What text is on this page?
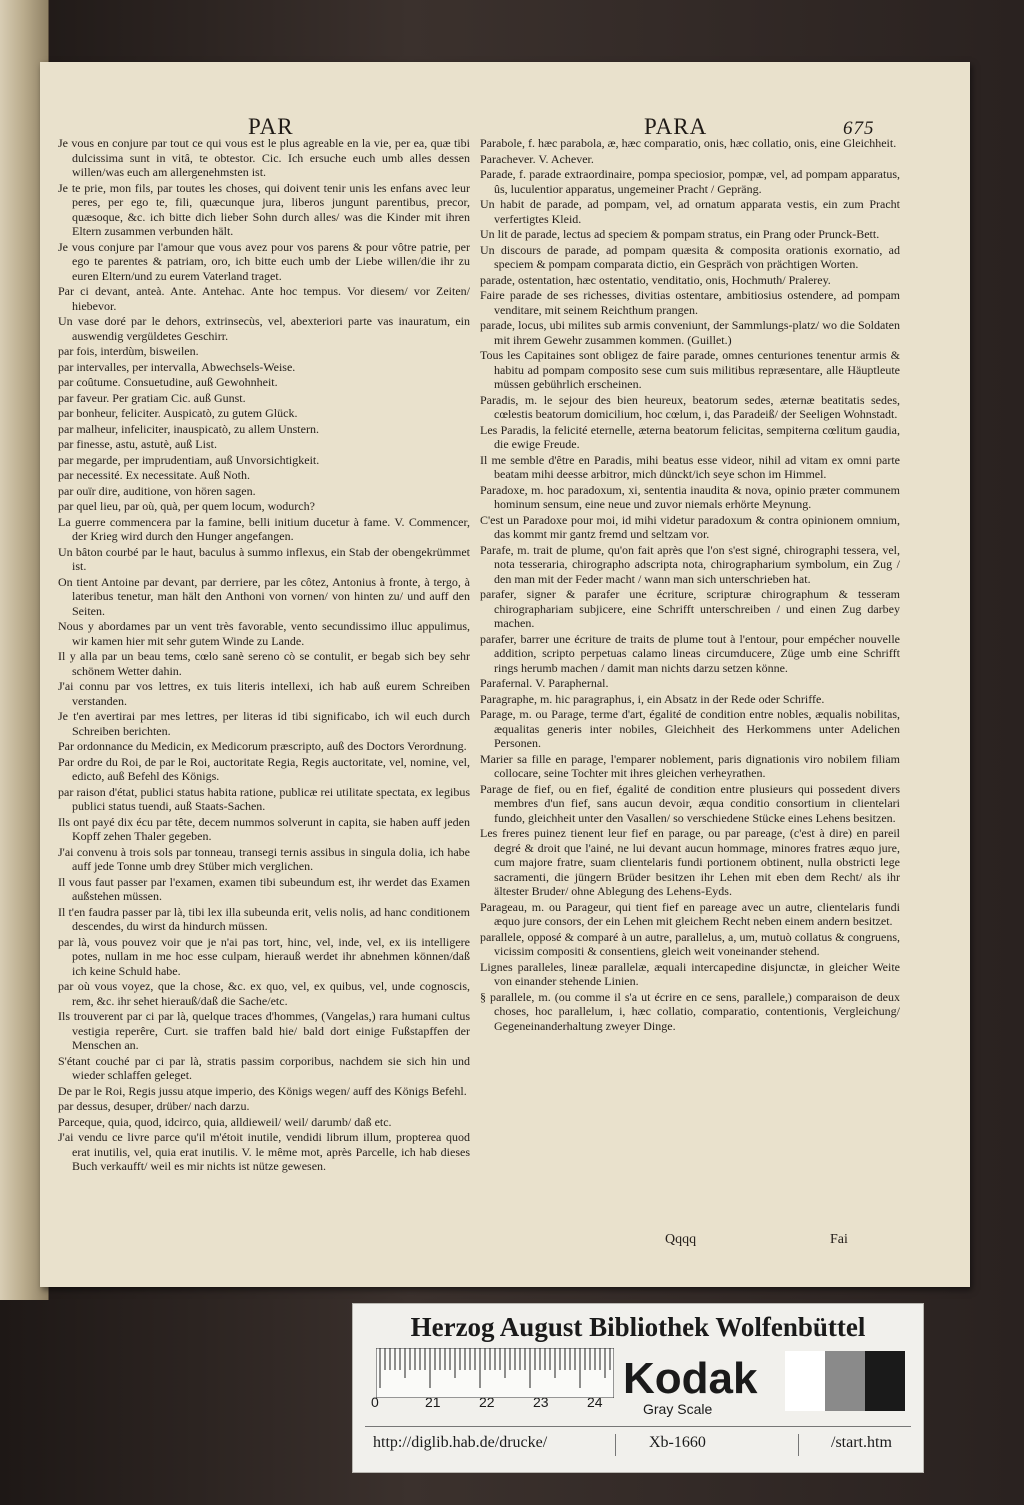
PAR	PARA	675

Je vous en conjure par tout ce qui vous est le plus agreable en la vie, per ea, quæ tibi dulcissima sunt in vitâ, te obtestor. Cic. Ich ersuche euch umb alles dessen willen/was euch am allergenehmsten ist.

Je te prie, mon fils, par toutes les choses, qui doivent tenir unis les enfans avec leur peres, per ego te, fili, quæcunque jura, liberos jungunt parentibus, precor, quæsoque, &c. ich bitte dich lieber Sohn durch alles/ was die Kinder mit ihren Eltern zusammen verbunden hält.

Je vous conjure par l'amour que vous avez pour vos parens & pour vôtre patrie, per ego te parentes & patriam, oro, ich bitte euch umb der Liebe willen/die ihr zu euren Eltern/und zu eurem Vaterland traget.

Par ci devant, anteà. Ante. Antehac. Ante hoc tempus. Vor diesem/ vor Zeiten/ hiebevor.

Un vase doré par le dehors, extrinsecùs, vel, abexteriori parte vas inauratum, ein auswendig vergüldetes Geschirr.

par fois, interdùm, bisweilen.

par intervalles, per intervalla, Abwechsels-Weise.

par coûtume. Consuetudine, auß Gewohnheit.

par faveur. Per gratiam Cic. auß Gunst.

par bonheur, feliciter. Auspicatò, zu gutem Glück.

par malheur, infeliciter, inauspicatò, zu allem Unstern.

par finesse, astu, astutè, auß List.

par megarde, per imprudentiam, auß Unvorsichtigkeit.

par necessité. Ex necessitate. Auß Noth.

par ouïr dire, auditione, von hören sagen.

par quel lieu, par où, quà, per quem locum, wodurch?

La guerre commencera par la famine, belli initium ducetur à fame. V. Commencer, der Krieg wird durch den Hunger angefangen.

Un bâton courbé par le haut, baculus à summo inflexus, ein Stab der obengekrümmet ist.

On tient Antoine par devant, par derriere, par les côtez, Antonius à fronte, à tergo, à lateribus tenetur, man hält den Anthoni von vornen/ von hinten zu/ und auff den Seiten.

Nous y abordames par un vent très favorable, vento secundissimo illuc appulimus, wir kamen hier mit sehr gutem Winde zu Lande.

Il y alla par un beau tems, cœlo sanè sereno cò se contulit, er begab sich bey sehr schönem Wetter dahin.

J'ai connu par vos lettres, ex tuis literis intellexi, ich hab auß eurem Schreiben verstanden.

Je t'en avertirai par mes lettres, per literas id tibi significabo, ich wil euch durch Schreiben berichten.

Par ordonnance du Medicin, ex Medicorum præscripto, auß des Doctors Verordnung.

Par ordre du Roi, de par le Roi, auctoritate Regia, Regis auctoritate, vel, nomine, vel, edicto, auß Befehl des Königs.

par raison d'état, publici status habita ratione, publicæ rei utilitate spectata, ex legibus publici status tuendi, auß Staats-Sachen.

Ils ont payé dix écu par tête, decem nummos solverunt in capita, sie haben auff jeden Kopff zehen Thaler gegeben.

J'ai convenu à trois sols par tonneau, transegi ternis assibus in singula dolia, ich habe auff jede Tonne umb drey Stüber mich verglichen.

Il vous faut passer par l'examen, examen tibi subeundum est, ihr werdet das Examen außstehen müssen.

Il t'en faudra passer par là, tibi lex illa subeunda erit, velis nolis, ad hanc conditionem descendes, du wirst da hindurch müssen.

par là, vous pouvez voir que je n'ai pas tort, hinc, vel, inde, vel, ex iis intelligere potes, nullam in me hoc esse culpam, hierauß werdet ihr abnehmen können/daß ich keine Schuld habe.

par où vous voyez, que la chose, &c. ex quo, vel, ex quibus, vel, unde cognoscis, rem, &c. ihr sehet hierauß/daß die Sache/etc.

Ils trouverent par ci par là, quelque traces d'hommes, (Vangelas,) rara humani cultus vestigia reperêre, Curt. sie traffen bald hie/ bald dort einige Fußstapffen der Menschen an.

S'étant couché par ci par là, stratis passim corporibus, nachdem sie sich hin und wieder schlaffen geleget.

De par le Roi, Regis jussu atque imperio, des Königs wegen/ auff des Königs Befehl.

par dessus, desuper, drüber/ nach darzu.

Parceque, quia, quod, idcirco, quia, alldieweil/ weil/ darumb/ daß etc.

J'ai vendu ce livre parce qu'il m'étoit inutile, vendidi librum illum, propterea quod erat inutilis, vel, quia erat inutilis. V. le même mot, après Parcelle, ich hab dieses Buch verkaufft/ weil es mir nichts ist nütze gewesen.

Parabole, f. hæc parabola, æ, hæc comparatio, onis, hæc collatio, onis, eine Gleichheit.

Parachever. V. Achever.

Parade, f. parade extraordinaire, pompa speciosior, pompæ, vel, ad pompam apparatus, ûs, luculentior apparatus, ungemeiner Pracht / Gepräng.

Un habit de parade, ad pompam, vel, ad ornatum apparata vestis, ein zum Pracht verfertigtes Kleid.

Un lit de parade, lectus ad speciem & pompam stratus, ein Prang oder Prunck-Bett.

Un discours de parade, ad pompam quæsita & composita orationis exornatio, ad speciem & pompam comparata dictio, ein Gespräch von prächtigen Worten.

parade, ostentation, hæc ostentatio, venditatio, onis, Hochmuth/ Pralerey.

Faire parade de ses richesses, divitias ostentare, ambitiosius ostendere, ad pompam venditare, mit seinem Reichthum prangen.

parade, locus, ubi milites sub armis conveniunt, der Sammlungs-platz/ wo die Soldaten mit ihrem Gewehr zusammen kommen. (Guillet.)

Tous les Capitaines sont obligez de faire parade, omnes centuriones tenentur armis & habitu ad pompam composito sese cum suis militibus repræsentare, alle Häuptleute müssen gebührlich erscheinen.

Paradis, m. le sejour des bien heureux, beatorum sedes, æternæ beatitatis sedes, cœlestis beatorum domicilium, hoc cœlum, i, das Paradeiß/ der Seeligen Wohnstadt.

Les Paradis, la felicité eternelle, æterna beatorum felicitas, sempiterna cœlitum gaudia, die ewige Freude.

Il me semble d'être en Paradis, mihi beatus esse videor, nihil ad vitam ex omni parte beatam mihi deesse arbitror, mich dünckt/ich seye schon im Himmel.

Paradoxe, m. hoc paradoxum, xi, sententia inaudita & nova, opinio præter communem hominum sensum, eine neue und zuvor niemals erhörte Meynung.

C'est un Paradoxe pour moi, id mihi videtur paradoxum & contra opinionem omnium, das kommt mir gantz fremd und seltzam vor.

Parafe, m. trait de plume, qu'on fait après que l'on s'est signé, chirographi tessera, vel, nota tesseraria, chirographo adscripta nota, chirographarium symbolum, ein Zug / den man mit der Feder macht / wann man sich unterschrieben hat.

parafer, signer & parafer une écriture, scripturæ chirographum & tesseram chirographariam subjicere, eine Schrifft unterschreiben / und einen Zug darbey machen.

parafer, barrer une écriture de traits de plume tout à l'entour, pour empécher nouvelle addition, scripto perpetuas calamo lineas circumducere, Züge umb eine Schrifft rings herumb machen / damit man nichts darzu setzen könne.

Parafernal. V. Paraphernal.

Paragraphe, m. hic paragraphus, i, ein Absatz in der Rede oder Schriffe.

Parage, m. ou Parage, terme d'art, égalité de condition entre nobles, æqualis nobilitas, æqualitas generis inter nobiles, Gleichheit des Herkommens unter Adelichen Personen.

Marier sa fille en parage, l'emparer noblement, paris dignationis viro nobilem filiam collocare, seine Tochter mit ihres gleichen verheyrathen.

Parage de fief, ou en fief, égalité de condition entre plusieurs qui possedent divers membres d'un fief, sans aucun devoir, æqua conditio consortium in clientelari fundo, gleichheit unter den Vasallen/ so verschiedene Stücke eines Lehens besitzen.

Les freres puinez tienent leur fief en parage, ou par pareage, (c'est à dire) en pareil degré & droit que l'ainé, ne lui devant aucun hommage, minores fratres æquo jure, cum majore fratre, suam clientelaris fundi portionem obtinent, nulla obstricti lege sacramenti, die jüngern Brüder besitzen ihr Lehen mit eben dem Recht/ als ihr ältester Bruder/ ohne Ablegung des Lehens-Eyds.

Parageau, m. ou Parageur, qui tient fief en pareage avec un autre, clientelaris fundi æquo jure consors, der ein Lehen mit gleichem Recht neben einem andern besitzet.

parallele, opposé & comparé à un autre, parallelus, a, um, mutuò collatus & congruens, vicissim compositi & consentiens, gleich weit voneinander stehend.

Lignes paralleles, lineæ parallelæ, æquali intercapedine disjunctæ, in gleicher Weite von einander stehende Linien.

§ parallele, m. (ou comme il s'a ut écrire en ce sens, parallele,) comparaison de deux choses, hoc parallelum, i, hæc collatio, comparatio, contentionis, Vergleichung/ Gegeneinanderhaltung zweyer Dinge.

Qqqq	Fai
Herzog August Bibliothek Wolfenbüttel
0	21	22	23	24 Kodak
Gray Scale
http://diglib.hab.de/drucke/	Xb-1660	/start.htm
